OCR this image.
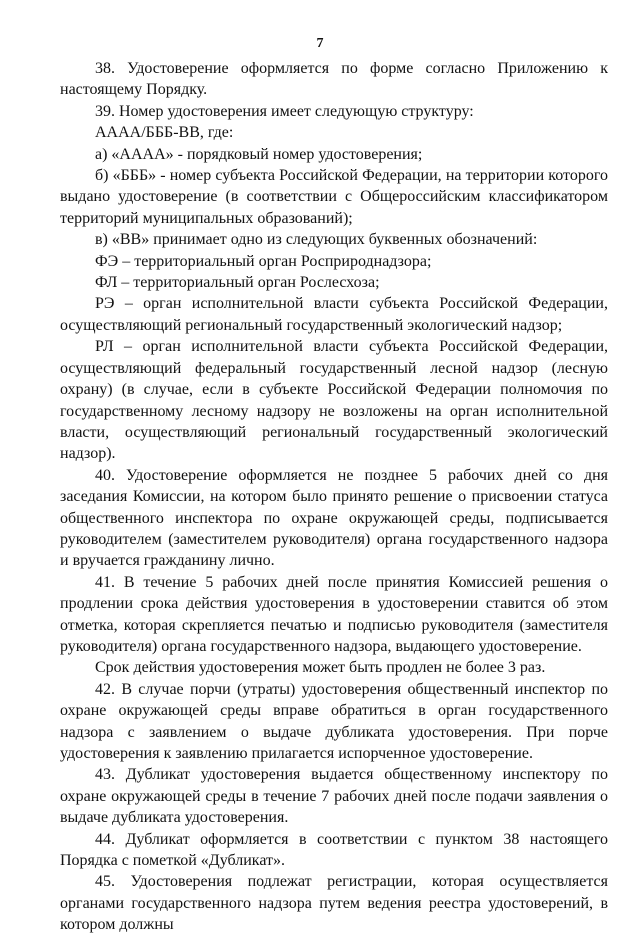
7

38. Удостоверение оформляется по форме согласно Приложению к настоящему Порядку.

39. Номер удостоверения имеет следующую структуру:

АААА/БББ-ВВ, где:

а) «АААА» - порядковый номер удостоверения;

б) «БББ» - номер субъекта Российской Федерации, на территории которого выдано удостоверение (в соответствии с Общероссийским классификатором территорий муниципальных образований);

в) «ВВ» принимает одно из следующих буквенных обозначений:

ФЭ – территориальный орган Росприроднадзора;

ФЛ – территориальный орган Рослесхоза;

РЭ – орган исполнительной власти субъекта Российской Федерации, осуществляющий региональный государственный экологический надзор;

РЛ – орган исполнительной власти субъекта Российской Федерации, осуществляющий федеральный государственный лесной надзор (лесную охрану) (в случае, если в субъекте Российской Федерации полномочия по государственному лесному надзору не возложены на орган исполнительной власти, осуществляющий региональный государственный экологический надзор).

40. Удостоверение оформляется не позднее 5 рабочих дней со дня заседания Комиссии, на котором было принято решение о присвоении статуса общественного инспектора по охране окружающей среды, подписывается руководителем (заместителем руководителя) органа государственного надзора и вручается гражданину лично.

41. В течение 5 рабочих дней после принятия Комиссией решения о продлении срока действия удостоверения в удостоверении ставится об этом отметка, которая скрепляется печатью и подписью руководителя (заместителя руководителя) органа государственного надзора, выдающего удостоверение.

Срок действия удостоверения может быть продлен не более 3 раз.

42. В случае порчи (утраты) удостоверения общественный инспектор по охране окружающей среды вправе обратиться в орган государственного надзора с заявлением о выдаче дубликата удостоверения. При порче удостоверения к заявлению прилагается испорченное удостоверение.

43. Дубликат удостоверения выдается общественному инспектору по охране окружающей среды в течение 7 рабочих дней после подачи заявления о выдаче дубликата удостоверения.

44. Дубликат оформляется в соответствии с пунктом 38 настоящего Порядка с пометкой «Дубликат».

45. Удостоверения подлежат регистрации, которая осуществляется органами государственного надзора путем ведения реестра удостоверений, в котором должны
